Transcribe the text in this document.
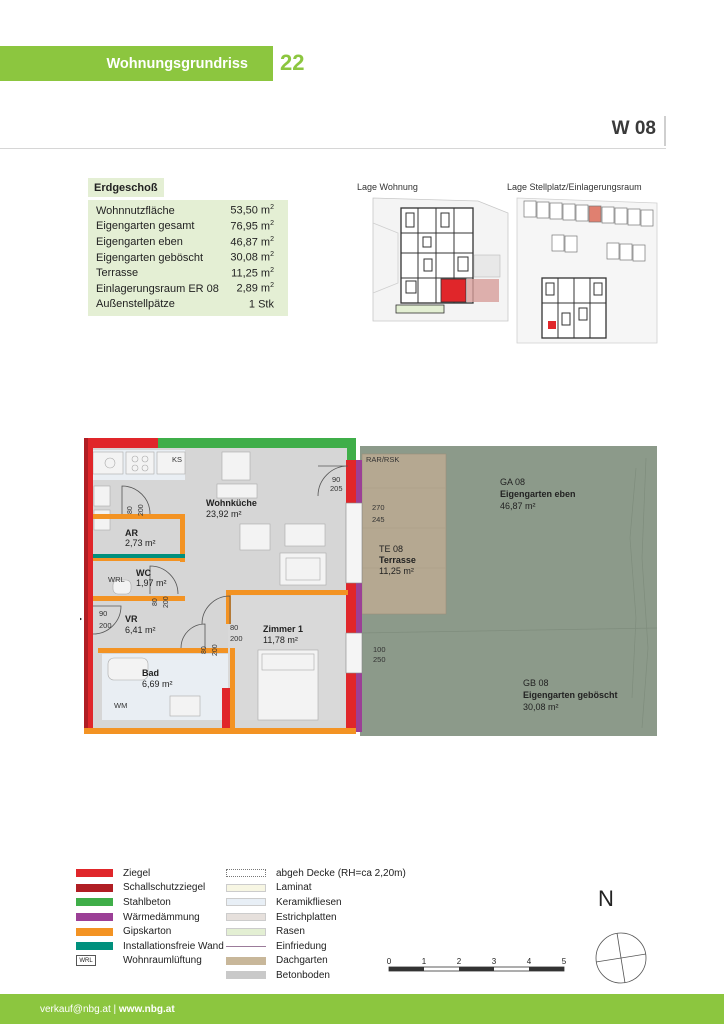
Wohnungsgrundriss 22
W 08
Erdgeschoß
Wohnnutzfläche	53,50 $m^2$
Eigengarten gesamt	76,95 $m^2$
Eigengarten eben	46,87 $m^2$
Eigengarten geböscht 30,08 $m^2$
Terrasse	11,25 $m^2$
Einlagerungsraum ER 08 2,89 $m^2$
Außenstellpätze	1 Stk
Lage Wohnung	Lage Stellplatz/Einlagerungsraum
KS	RAR/RSK
90
205
270
245
100
250
90
200	80
200
WM
WRL
80 200
80 200
80 200
Wohnküche
23,92 m²
AR
2,73 m²
WC
1,97 m²
VR
6,41 m²
Bad
6,69 m²
Zimmer 1
11,78 m²
TE 08
Terrasse
11,25 m²
GA 08
Eigengarten eben
46,87 m²
GB 08
Eigengarten geböscht
30,08 m²
Ziegel
Schallschutzziegel
Stahlbeton
Wärmedämmung
Gipskarton
Installationsfreie Wand
WRL	Wohnraumlüftung
abgeh Decke (RH=ca 2,20m)
Laminat
Keramikfliesen
Estrichplatten
Rasen
Einfriedung
Dachgarten
Betonboden
0	1	2	3	4	5
N
verkauf@nbg.at | www.nbg.at
